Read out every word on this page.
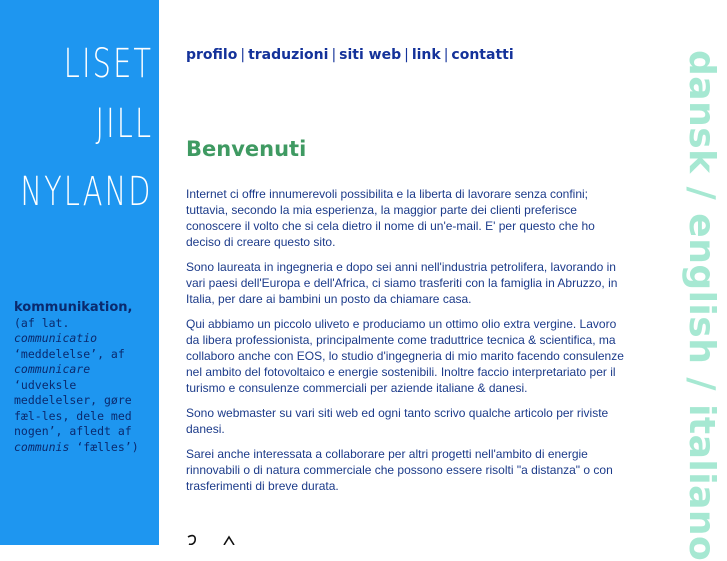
LISET
JILL
NYLAND
kommunikation,
(af lat. communicatio ‘meddelelse’, af communicare ‘udveksle meddelelser, gøre fæl-les, dele med nogen’, afledt af communis ‘fælles’)
profilo | traduzioni | siti web | link | contatti
Benvenuti

Internet ci offre innumerevoli possibilita e la liberta di lavorare senza confini; tuttavia, secondo la mia esperienza, la maggior parte dei clienti preferisce conoscere il volto che si cela dietro il nome di un'e-mail. E' per questo che ho deciso di creare questo sito.

Sono laureata in ingegneria e dopo sei anni nell'industria petrolifera, lavorando in vari paesi dell'Europa e dell'Africa, ci siamo trasferiti con la famiglia in Abruzzo, in Italia, per dare ai bambini un posto da chiamare casa.

Qui abbiamo un piccolo uliveto e produciamo un ottimo olio extra vergine. Lavoro da libera professionista, principalmente come traduttrice tecnica & scientifica, ma collaboro anche con EOS, lo studio d'ingegneria di mio marito facendo consulenze nel ambito del fotovoltaico e energie sostenibili. Inoltre faccio interpretariato per il turismo e consulenze commerciali per aziende italiane & danesi.

Sono webmaster su vari siti web ed ogni tanto scrivo qualche articolo per riviste danesi.

Sarei anche interessata a collaborare per altri progetti nell'ambito di energie rinnovabili o di natura commerciale che possono essere risolti "a distanza" o con trasferimenti di breve durata.

dansk / english / italiano
